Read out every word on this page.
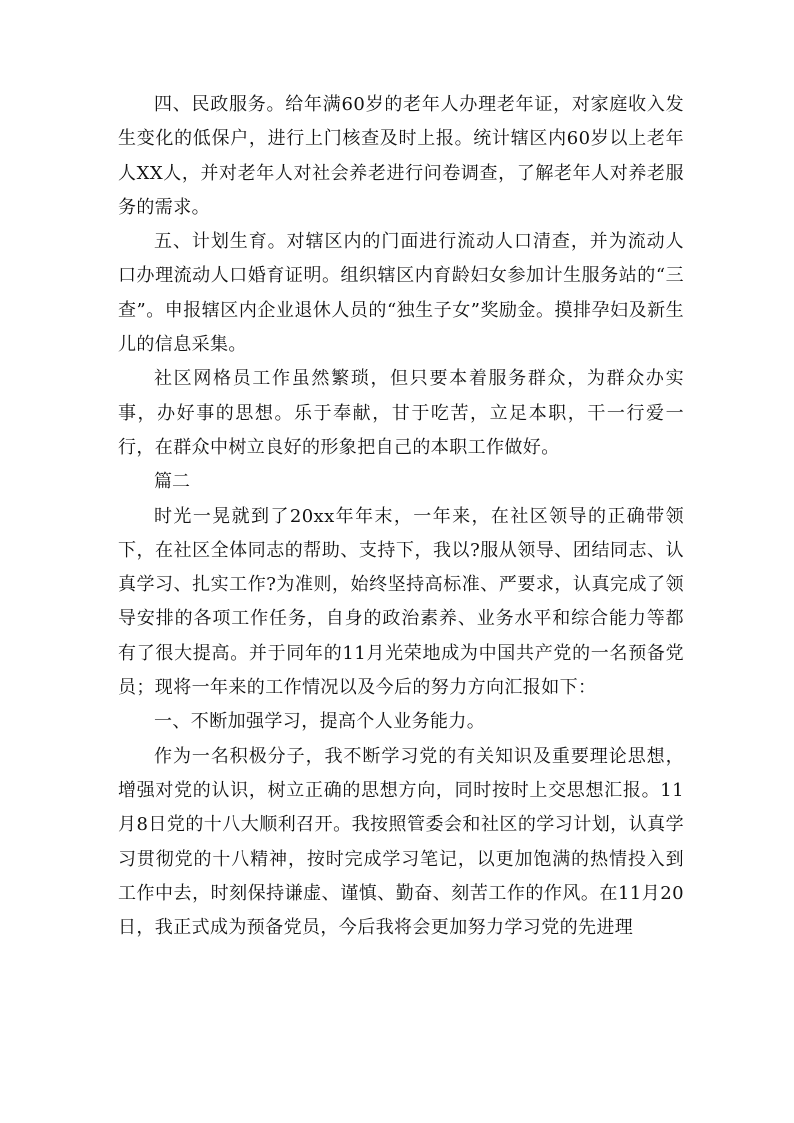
四、民政服务。给年满60岁的老年人办理老年证，对家庭收入发生变化的低保户，进行上门核查及时上报。统计辖区内60岁以上老年人XX人，并对老年人对社会养老进行问卷调查，了解老年人对养老服务的需求。

五、计划生育。对辖区内的门面进行流动人口清查，并为流动人口办理流动人口婚育证明。组织辖区内育龄妇女参加计生服务站的“三查”。申报辖区内企业退休人员的“独生子女”奖励金。摸排孕妇及新生儿的信息采集。

社区网格员工作虽然繁琐，但只要本着服务群众，为群众办实事，办好事的思想。乐于奉献，甘于吃苦，立足本职，干一行爱一行，在群众中树立良好的形象把自己的本职工作做好。

篇二

时光一晃就到了20xx年年末，一年来，在社区领导的正确带领下，在社区全体同志的帮助、支持下，我以?服从领导、团结同志、认真学习、扎实工作?为准则，始终坚持高标准、严要求，认真完成了领导安排的各项工作任务，自身的政治素养、业务水平和综合能力等都有了很大提高。并于同年的11月光荣地成为中国共产党的一名预备党员；现将一年来的工作情况以及今后的努力方向汇报如下：

一、不断加强学习，提高个人业务能力。

作为一名积极分子，我不断学习党的有关知识及重要理论思想，增强对党的认识，树立正确的思想方向，同时按时上交思想汇报。11月8日党的十八大顺利召开。我按照管委会和社区的学习计划，认真学习贯彻党的十八精神，按时完成学习笔记，以更加饱满的热情投入到工作中去，时刻保持谦虚、谨慎、勤奋、刻苦工作的作风。在11月20日，我正式成为预备党员，今后我将会更加努力学习党的先进理
